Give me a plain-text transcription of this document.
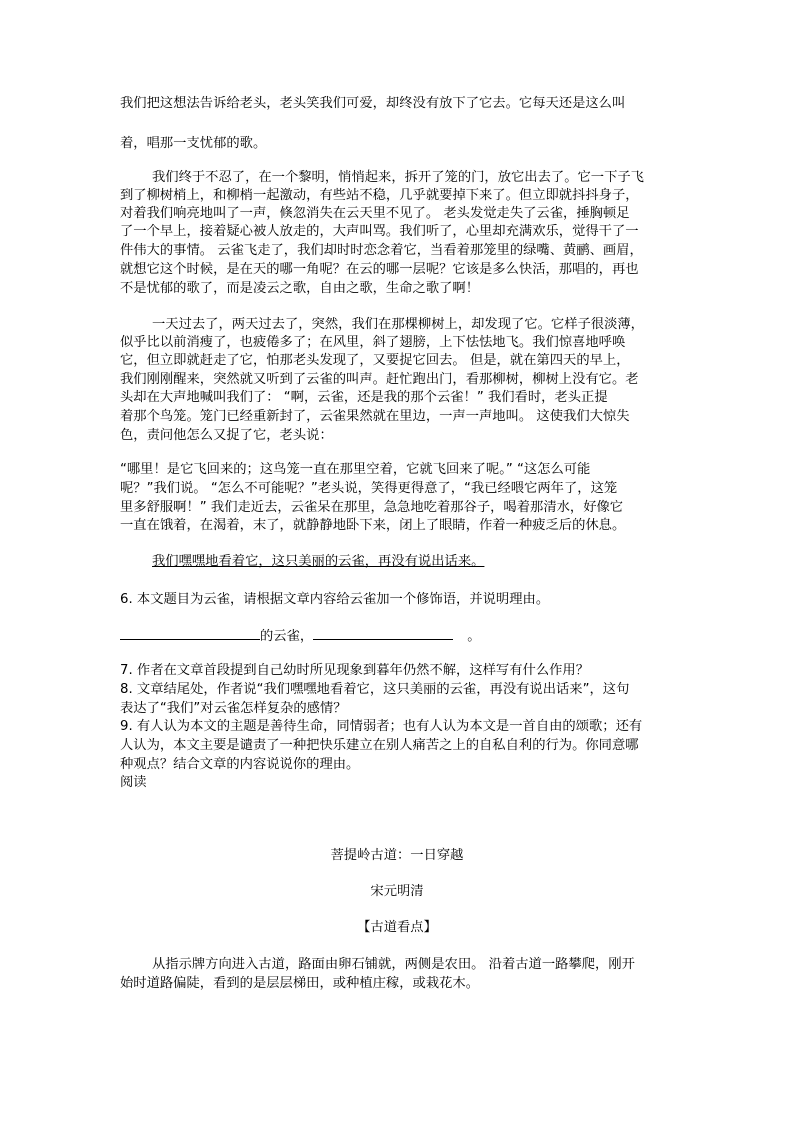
我们把这想法告诉给老头，老头笑我们可爱，却终没有放下了它去。它每天还是这么叫
着，唱那一支忧郁的歌。
我们终于不忍了，在一个黎明，悄悄起来，拆开了笼的门，放它出去了。它一下子飞
到了柳树梢上，和柳梢一起激动，有些站不稳，几乎就要掉下来了。但立即就抖抖身子，
对着我们响亮地叫了一声，倏忽消失在云天里不见了。 老头发觉走失了云雀，捶胸顿足
了一个早上，接着疑心被人放走的，大声叫骂。我们听了，心里却充满欢乐，觉得干了一
件伟大的事情。 云雀飞走了，我们却时时恋念着它，当看着那笼里的绿嘴、黄鹂、画眉，
就想它这个时候，是在天的哪一角呢？在云的哪一层呢？它该是多么快活，那唱的，再也
不是忧郁的歌了，而是凌云之歌，自由之歌，生命之歌了啊！
一天过去了，两天过去了，突然，我们在那棵柳树上，却发现了它。它样子很淡薄，
似乎比以前消瘦了，也疲倦多了；在风里，斜了翅膀，上下怯怯地飞。我们惊喜地呼唤
它，但立即就赶走了它，怕那老头发现了，又要捉它回去。 但是，就在第四天的早上，
我们刚刚醒来，突然就又听到了云雀的叫声。赶忙跑出门，看那柳树，柳树上没有它。老
头却在大声地喊叫我们了： “啊，云雀，还是我的那个云雀！” 我们看时，老头正提
着那个鸟笼。笼门已经重新封了，云雀果然就在里边，一声一声地叫。 这使我们大惊失
色，责问他怎么又捉了它，老头说：
“哪里！是它飞回来的；这鸟笼一直在那里空着，它就飞回来了呢。” “这怎么可能
呢？”我们说。 “怎么不可能呢？”老头说，笑得更得意了，“我已经喂它两年了，这笼
里多舒服啊！” 我们走近去，云雀呆在那里，急急地吃着那谷子，喝着那清水，好像它
一直在饿着，在渴着，末了，就静静地卧下来，闭上了眼睛，作着一种疲乏后的休息。
我们嘿嘿地看着它，这只美丽的云雀，再没有说出话来。
6. 本文题目为云雀，请根据文章内容给云雀加一个修饰语，并说明理由。
的云雀，	。
7. 作者在文章首段提到自己幼时所见现象到暮年仍然不解，这样写有什么作用？
8. 文章结尾处，作者说“我们嘿嘿地看着它，这只美丽的云雀，再没有说出话来”，这句
表达了“我们”对云雀怎样复杂的感情？
9. 有人认为本文的主题是善待生命，同情弱者；也有人认为本文是一首自由的颂歌；还有
人认为，本文主要是谴责了一种把快乐建立在别人痛苦之上的自私自利的行为。你同意哪
种观点？结合文章的内容说说你的理由。
阅读
菩提岭古道：一日穿越
宋元明清
【古道看点】
从指示牌方向进入古道，路面由卵石铺就，两侧是农田。 沿着古道一路攀爬，刚开
始时道路偏陡，看到的是层层梯田，或种植庄稼，或栽花木。
